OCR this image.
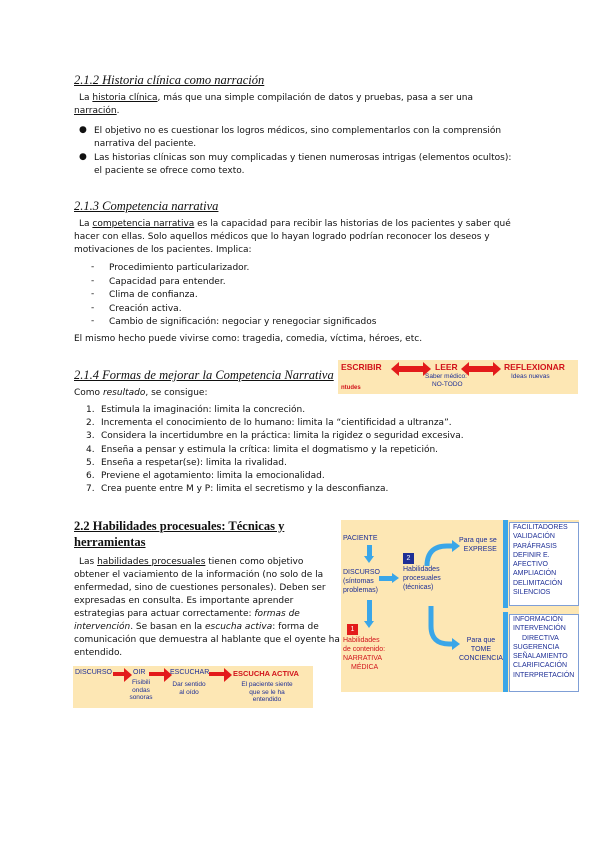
2.1.2 Historia clínica como narración
La historia clínica, más que una simple compilación de datos y pruebas, pasa a ser una
narración.
● El objetivo no es cuestionar los logros médicos, sino complementarlos con la comprensión
narrativa del paciente.
● Las historias clínicas son muy complicadas y tienen numerosas intrigas (elementos ocultos):
el paciente se ofrece como texto.
2.1.3 Competencia narrativa
La competencia narrativa es la capacidad para recibir las historias de los pacientes y saber qué
hacer con ellas. Solo aquellos médicos que lo hayan logrado podrían reconocer los deseos y
motivaciones de los pacientes. Implica:
- Procedimiento particularizador.
- Capacidad para entender.
- Clima de confianza.
- Creación activa.
- Cambio de significación: negociar y renegociar significados
El mismo hecho puede vivirse como: tragedia, comedia, víctima, héroes, etc.
2.1.4 Formas de mejorar la Competencia Narrativa
ESCRIBIR	LEER	REFLEXIONAR
Saber médico:
NO-TODO
Ideas nuevas
ntudes
Como resultado, se consigue:
1. Estimula la imaginación: limita la concreción.
2. Incrementa el conocimiento de lo humano: limita la “cientificidad a ultranza”.
3. Considera la incertidumbre en la práctica: limita la rigidez o seguridad excesiva.
4. Enseña a pensar y estimula la crítica: limita el dogmatismo y la repetición.
5. Enseña a respetar(se): limita la rivalidad.
6. Previene el agotamiento: limita la emocionalidad.
7. Crea puente entre M y P: limita el secretismo y la desconfianza.
2.2 Habilidades procesuales: Técnicas y
herramientas
Las habilidades procesuales tienen como objetivo
obtener el vaciamiento de la información (no solo de la
enfermedad, sino de cuestiones personales). Deben ser
expresadas en consulta. Es importante aprender
estrategias para actuar correctamente: formas de
intervención. Se basan en la escucha activa: forma de
comunicación que demuestra al hablante que el oyente ha
entendido.
DISCURSO	OIR	ESCUCHAR	ESCUCHA ACTIVA
Fisibili
ondas
sonoras
Dar sentido
al oído
El paciente siente
que se le ha
entendido
PACIENTE
DISCURSO
(síntomas
problemas)
2
Habilidades
procesuales
(técnicas)
1
Habilidades
de contenido:
NARRATIVA
MÉDICA
Para que se
EXPRESE
Para que
TOME
CONCIENCIA
FACILITADORES
VALIDACIÓN
PARÁFRASIS
DEFINIR E. AFECTIVO
AMPLIACIÓN
DELIMITACIÓN
SILENCIOS
INFORMACIÓN
INTERVENCIÓN
DIRECTIVA
SUGERENCIA
SEÑALAMIENTO
CLARIFICACIÓN
INTERPRETACIÓN
